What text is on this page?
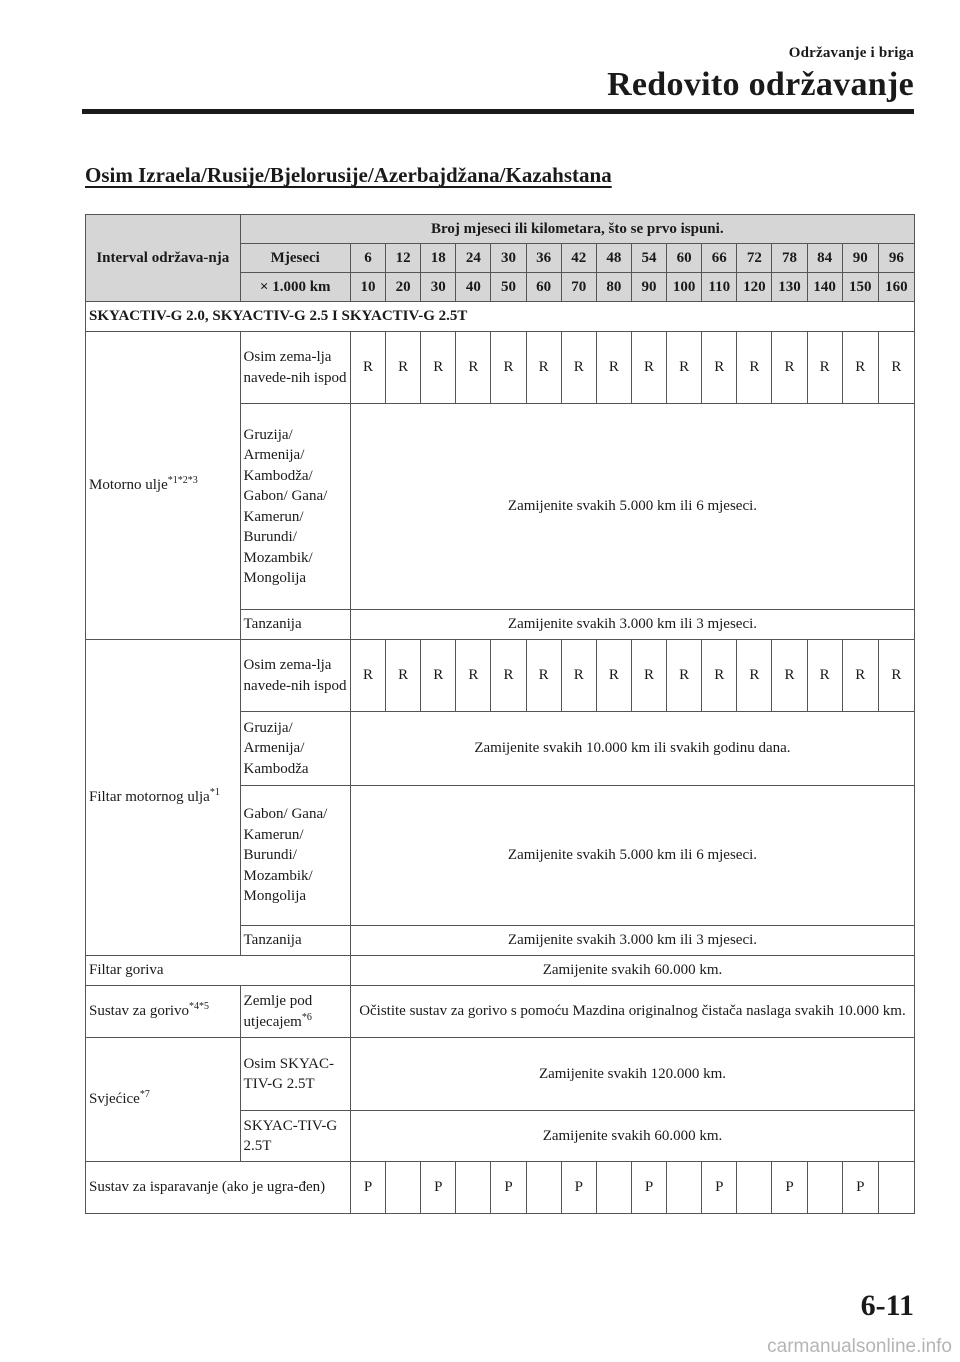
Održavanje i briga
Redovito održavanje
Osim Izraela/Rusije/Bjelorusije/Azerbajdžana/Kazahstana
Interval održava-nja	Broj mjeseci ili kilometara, što se prvo ispuni.																
	Mjeseci	6	12	18	24	30	36	42	48	54	60	66	72	78	84	90	96
	× 1.000 km	10	20	30	40	50	60	70	80	90	100	110	120	130	140	150	160
SKYACTIV-G 2.0, SKYACTIV-G 2.5 I SKYACTIV-G 2.5T																	
Motorno ulje$^{*1*2*3}$	Osim zema-lja navede-nih ispod	R	R	R	R	R	R	R	R	R	R	R	R	R	R	R	R
	Gruzija/ Armenija/ Kambodža/ Gabon/ Gana/ Kamerun/ Burundi/ Mozambik/ Mongolija	Zamijenite svakih 5.000 km ili 6 mjeseci.															
	Tanzanija	Zamijenite svakih 3.000 km ili 3 mjeseci.															
Filtar motornog ulja$^{*1}$	Osim zema-lja navede-nih ispod	R	R	R	R	R	R	R	R	R	R	R	R	R	R	R	R
	Gruzija/ Armenija/ Kambodža	Zamijenite svakih 10.000 km ili svakih godinu dana.															
	Gabon/ Gana/ Kamerun/ Burundi/ Mozambik/ Mongolija	Zamijenite svakih 5.000 km ili 6 mjeseci.															
	Tanzanija	Zamijenite svakih 3.000 km ili 3 mjeseci.															
Filtar goriva		Zamijenite svakih 60.000 km.															
Sustav za gorivo$^{*4*5}$	Zemlje pod utjecajem$^{*6}$	Očistite sustav za gorivo s pomoću Mazdina originalnog čistača naslaga svakih 10.000 km.															
Svjećice$^{*7}$	Osim SKYAC-TIV-G 2.5T	Zamijenite svakih 120.000 km.															
	SKYAC-TIV-G 2.5T	Zamijenite svakih 60.000 km.															
Sustav za isparavanje (ako je ugra-đen)		P		P		P		P		P		P		P		P	
6-11
carmanualsonline.info
